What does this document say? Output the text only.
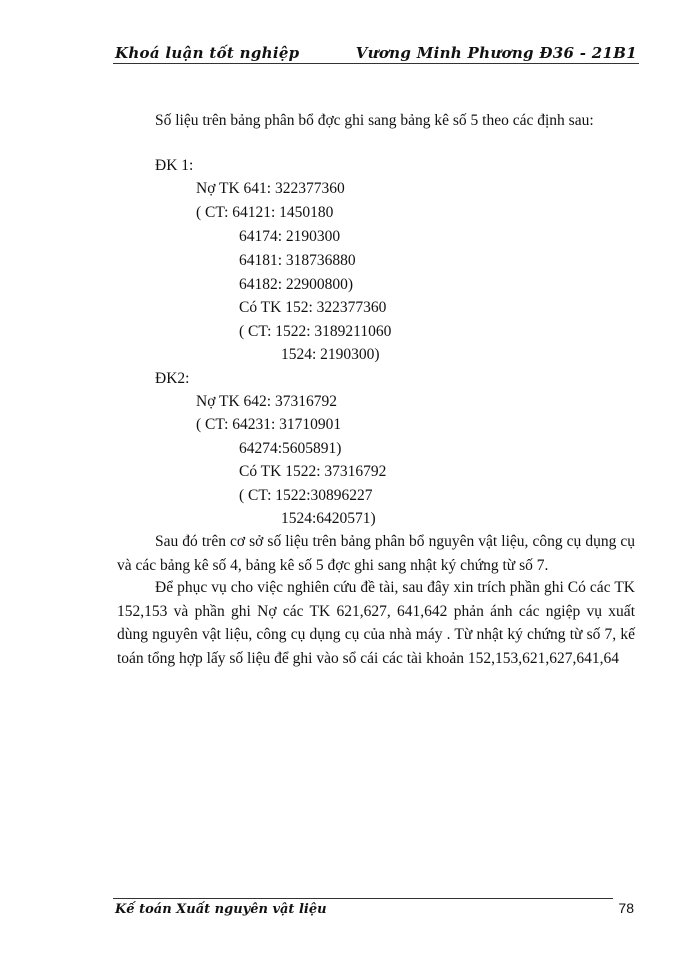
Khoá luận tốt nghiệp	Vương Minh Phương Đ36 - 21B1
Số liệu trên bảng phân bổ đợc ghi sang bảng kê số 5 theo các định sau:
ĐK 1:
Nợ TK 641: 322377360
( CT: 64121: 1450180
64174: 2190300
64181: 318736880
64182: 22900800)
Có TK 152: 322377360
( CT: 1522: 3189211060
1524: 2190300)
ĐK2:
Nợ TK 642: 37316792
( CT: 64231: 31710901
64274:5605891)
Có TK 1522: 37316792
( CT: 1522:30896227
1524:6420571)
Sau đó trên cơ sở số liệu trên bảng phân bổ nguyên vật liệu, công cụ dụng cụ và các bảng kê số 4, bảng kê số 5 đợc ghi sang nhật ký chứng từ số 7.
Để phục vụ cho việc nghiên cứu đề tài, sau đây xin trích phần ghi Có các TK 152,153 và phần ghi Nợ các TK 621,627, 641,642 phản ánh các ngiệp vụ xuất dùng nguyên vật liệu, công cụ dụng cụ của nhà máy . Từ nhật ký chứng từ số 7, kế toán tổng hợp lấy số liệu để ghi vào sổ cái các tài khoản 152,153,621,627,641,64
Kế toán Xuất nguyên vật liệu	78
